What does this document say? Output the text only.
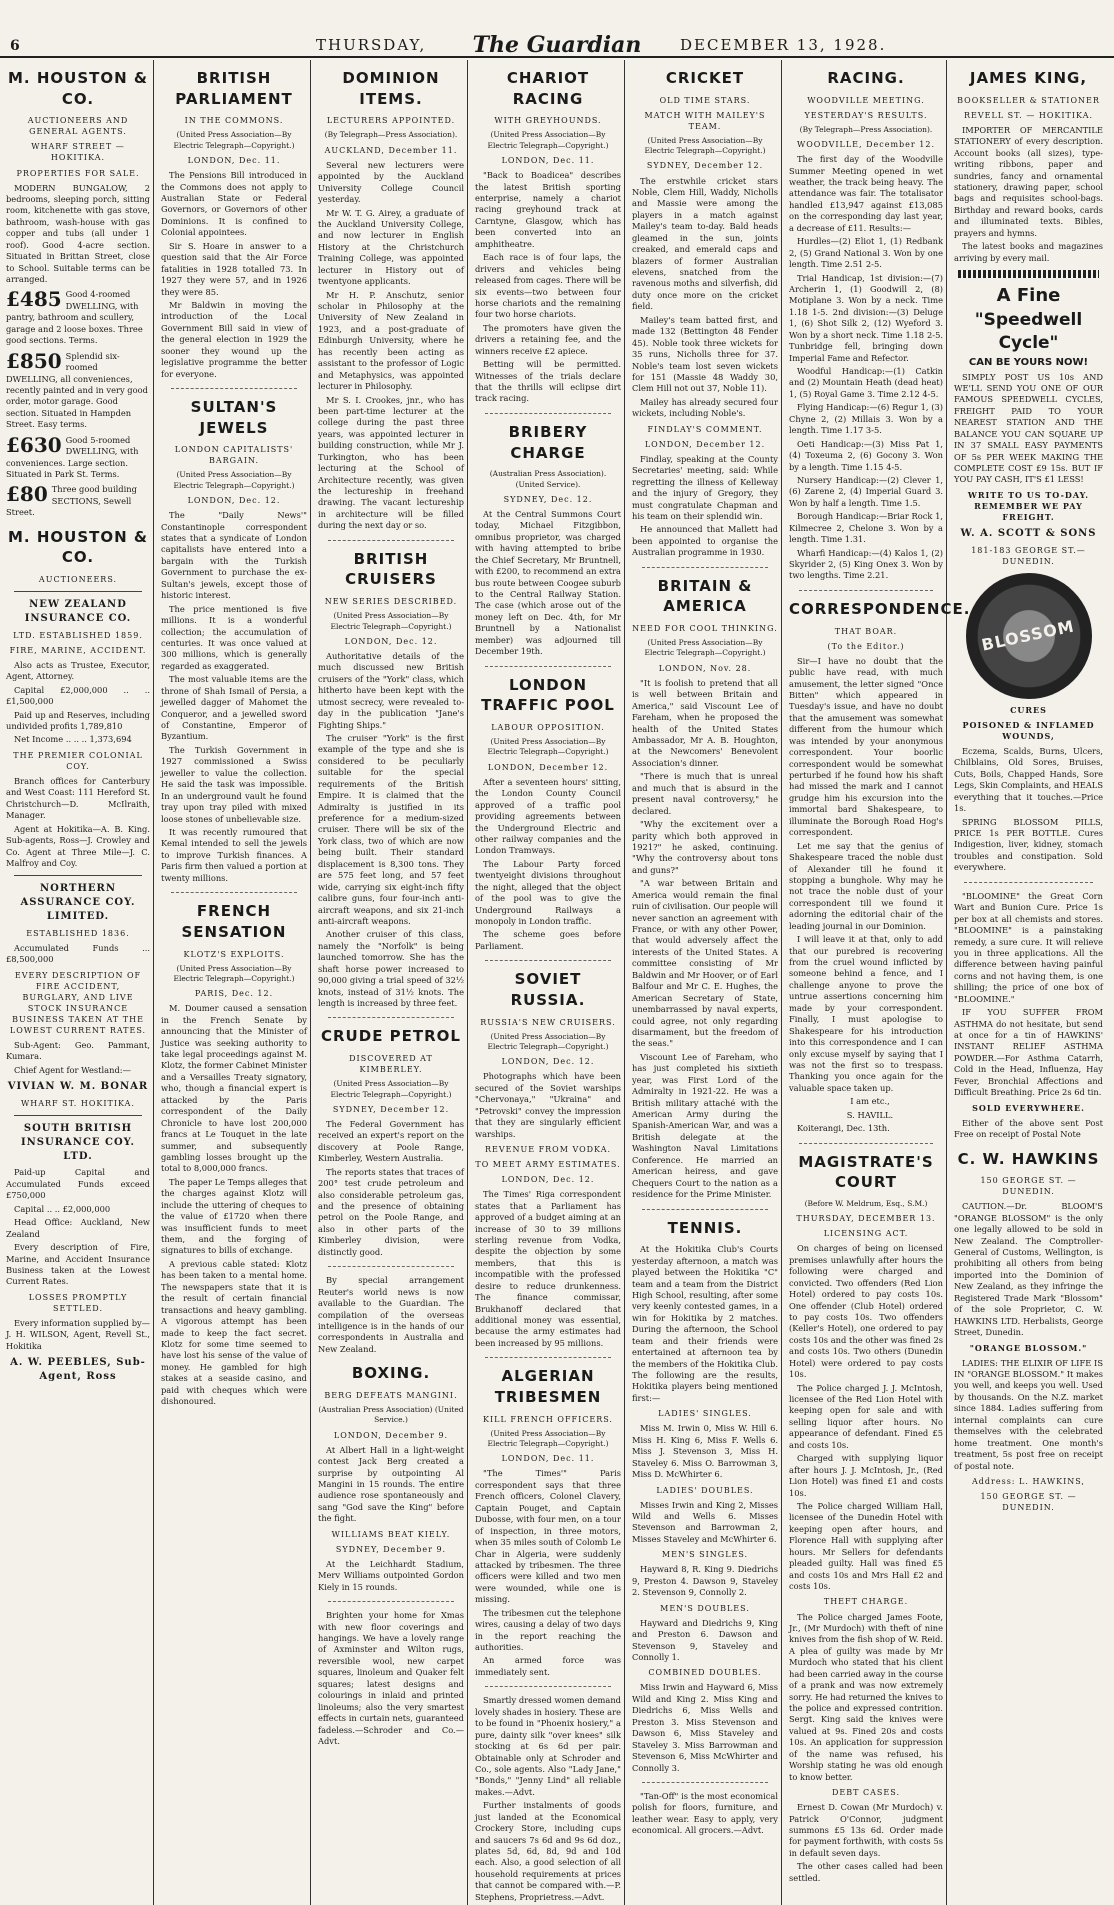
6	THURSDAY,	The Guardian	DECEMBER 13, 1928.
M. HOUSTON & CO.
AUCTIONEERS AND GENERAL AGENTS.
WHARF STREET — HOKITIKA.
PROPERTIES FOR SALE.

MODERN BUNGALOW, 2 bedrooms, sleeping porch, sitting room, kitchenette with gas stove, bathroom, wash-house with gas copper and tubs (all under 1 roof). Good 4-acre section. Situated in Brittan Street, close to School. Suitable terms can be arranged.

£485 Good 4-roomed DWELLING, with pantry, bathroom and scullery, garage and 2 loose boxes. Three good sections. Terms.
£850 Splendid six-roomed DWELLING, all conveniences, recently painted and in very good order, motor garage. Good section. Situated in Hampden Street. Easy terms.
£630 Good 5-roomed DWELLING, with conveniences. Large section. Situated in Park St. Terms.
£80 Three good building SECTIONS, Sewell Street.
M. HOUSTON & CO.
AUCTIONEERS.
NEW ZEALAND INSURANCE CO.
LTD. ESTABLISHED 1859.
FIRE, MARINE, ACCIDENT.

Also acts as Trustee, Executor, Agent, Attorney.

Capital £2,000,000 .. .. £1,500,000

Paid up and Reserves, including undivided profits 1,789,810

Net Income .. .. .. 1,373,694

THE PREMIER COLONIAL COY.

Branch offices for Canterbury and West Coast: 111 Hereford St. Christchurch—D. McIlraith, Manager.

Agent at Hokitika—A. B. King. Sub-agents, Ross—J. Crowley and Co. Agent at Three Mile—J. C. Malfroy and Coy.

NORTHERN ASSURANCE COY. LIMITED.
ESTABLISHED 1836.

Accumulated Funds ... £8,500,000

EVERY DESCRIPTION OF FIRE ACCIDENT, BURGLARY, AND LIVE STOCK INSURANCE BUSINESS TAKEN AT THE LOWEST CURRENT RATES.

Sub-Agent: Geo. Pammant, Kumara.

Chief Agent for Westland:—

VIVIAN W. M. BONAR
WHARF ST. HOKITIKA.
SOUTH BRITISH INSURANCE COY. LTD.

Paid-up Capital and Accumulated Funds exceed £750,000

Capital .. .. £2,000,000

Head Office: Auckland, New Zealand

Every description of Fire, Marine, and Accident Insurance Business taken at the Lowest Current Rates.

LOSSES PROMPTLY SETTLED.

Every information supplied by— J. H. WILSON, Agent, Revell St., Hokitika

A. W. PEEBLES, Sub-Agent, Ross
BRITISH PARLIAMENT
IN THE COMMONS.
(United Press Association—By Electric Telegraph—Copyright.)
LONDON, Dec. 11.

The Pensions Bill introduced in the Commons does not apply to Australian State or Federal Governors, or Governors of other Dominions. It is confined to Colonial appointees.

Sir S. Hoare in answer to a question said that the Air Force fatalities in 1928 totalled 73. In 1927 they were 57, and in 1926 they were 85.

Mr Baldwin in moving the introduction of the Local Government Bill said in view of the general election in 1929 the sooner they wound up the legislative programme the better for everyone.

SULTAN'S JEWELS
LONDON CAPITALISTS' BARGAIN.
(United Press Association—By Electric Telegraph—Copyright.)
LONDON, Dec. 12.

The "Daily News'" Constantinople correspondent states that a syndicate of London capitalists have entered into a bargain with the Turkish Government to purchase the ex-Sultan's jewels, except those of historic interest.

The price mentioned is five millions. It is a wonderful collection; the accumulation of centuries. It was once valued at 300 millions, which is generally regarded as exaggerated.

The most valuable items are the throne of Shah Ismail of Persia, a jewelled dagger of Mahomet the Conqueror, and a jewelled sword of Constantine, Emperor of Byzantium.

The Turkish Government in 1927 commissioned a Swiss jeweller to value the collection. He said the task was impossible. In an underground vault he found tray upon tray piled with mixed loose stones of unbelievable size.

It was recently rumoured that Kemal intended to sell the jewels to improve Turkish finances. A Paris firm then valued a portion at twenty millions.

FRENCH SENSATION
KLOTZ'S EXPLOITS.
(United Press Association—By Electric Telegraph—Copyright.)
PARIS, Dec. 12.

M. Doumer caused a sensation in the French Senate by announcing that the Minister of Justice was seeking authority to take legal proceedings against M. Klotz, the former Cabinet Minister and a Versailles Treaty signatory, who, though a financial expert is attacked by the Paris correspondent of the Daily Chronicle to have lost 200,000 francs at Le Touquet in the late summer, and subsequently gambling losses brought up the total to 8,000,000 francs.

The paper Le Temps alleges that the charges against Klotz will include the uttering of cheques to the value of £1720 when there was insufficient funds to meet them, and the forging of signatures to bills of exchange.

A previous cable stated: Klotz has been taken to a mental home. The newspapers state that it is the result of certain financial transactions and heavy gambling. A vigorous attempt has been made to keep the fact secret. Klotz for some time seemed to have lost his sense of the value of money. He gambled for high stakes at a seaside casino, and paid with cheques which were dishonoured.

DOMINION ITEMS.
LECTURERS APPOINTED.
(By Telegraph—Press Association).
AUCKLAND, December 11.

Several new lecturers were appointed by the Auckland University College Council yesterday.

Mr W. T. G. Airey, a graduate of the Auckland University College, and now lecturer in English History at the Christchurch Training College, was appointed lecturer in History out of twentyone applicants.

Mr H. P. Anschutz, senior scholar in Philosophy at the University of New Zealand in 1923, and a post-graduate of Edinburgh University, where he has recently been acting as assistant to the professor of Logic and Metaphysics, was appointed lecturer in Philosophy.

Mr S. I. Crookes, jnr., who has been part-time lecturer at the college during the past three years, was appointed lecturer in building construction, while Mr J. Turkington, who has been lecturing at the School of Architecture recently, was given the lectureship in freehand drawing. The vacant lectureship in architecture will be filled during the next day or so.

BRITISH CRUISERS
NEW SERIES DESCRIBED.
(United Press Association—By Electric Telegraph—Copyright.)
LONDON, Dec. 12.

Authoritative details of the much discussed new British cruisers of the "York" class, which hitherto have been kept with the utmost secrecy, were revealed to-day in the publication "Jane's Fighting Ships."

The cruiser "York" is the first example of the type and she is considered to be peculiarly suitable for the special requirements of the British Empire. It is claimed that the Admiralty is justified in its preference for a medium-sized cruiser. There will be six of the York class, two of which are now being built. Their standard displacement is 8,300 tons. They are 575 feet long, and 57 feet wide, carrying six eight-inch fifty calibre guns, four four-inch anti-aircraft weapons, and six 21-inch anti-aircraft weapons.

Another cruiser of this class, namely the "Norfolk" is being launched tomorrow. She has the shaft horse power increased to 90,000 giving a trial speed of 32½ knots, instead of 31½ knots. The length is increased by three feet.

CRUDE PETROL
DISCOVERED AT KIMBERLEY.
(United Press Association—By Electric Telegraph—Copyright.)
SYDNEY, December 12.

The Federal Government has received an expert's report on the discovery at Poole Range, Kimberley, Western Australia.

The reports states that traces of 200° test crude petroleum and also considerable petroleum gas, and the presence of obtaining petrol on the Poole Range, and also in other parts of the Kimberley division, were distinctly good.

By special arrangement Reuter's world news is now available to the Guardian. The compilation of the overseas intelligence is in the hands of our correspondents in Australia and New Zealand.

BOXING.
BERG DEFEATS MANGINI.
(Australian Press Association) (United Service.)
LONDON, December 9.

At Albert Hall in a light-weight contest Jack Berg created a surprise by outpointing Al Mangini in 15 rounds. The entire audience rose spontaneously and sang "God save the King" before the fight.

WILLIAMS BEAT KIELY.
SYDNEY, December 9.

At the Leichhardt Stadium, Merv Williams outpointed Gordon Kiely in 15 rounds.

Brighten your home for Xmas with new floor coverings and hangings. We have a lovely range of Axminster and Wilton rugs, reversible wool, new carpet squares, linoleum and Quaker felt squares; latest designs and colourings in inlaid and printed linoleums; also the very smartest effects in curtain nets, guaranteed fadeless.—Schroder and Co.—Advt.

CHARIOT RACING
WITH GREYHOUNDS.
(United Press Association—By Electric Telegraph—Copyright.)
LONDON, Dec. 11.

"Back to Boadicea" describes the latest British sporting enterprise, namely a chariot racing greyhound track at Carntyne, Glasgow, which has been converted into an amphitheatre.

Each race is of four laps, the drivers and vehicles being released from cages. There will be six events—two between four horse chariots and the remaining four two horse chariots.

The promoters have given the drivers a retaining fee, and the winners receive £2 apiece.

Betting will be permitted. Witnesses of the trials declare that the thrills will eclipse dirt track racing.

BRIBERY CHARGE
(Australian Press Association). (United Service).
SYDNEY, Dec. 12.

At the Central Summons Court today, Michael Fitzgibbon, omnibus proprietor, was charged with having attempted to bribe the Chief Secretary, Mr Bruntnell, with £200, to recommend an extra bus route between Coogee suburb to the Central Railway Station. The case (which arose out of the money left on Dec. 4th, for Mr Bruntnell by a Nationalist member) was adjourned till December 19th.

LONDON TRAFFIC POOL
LABOUR OPPOSITION.
(United Press Association—By Electric Telegraph—Copyright.)
LONDON, December 12.

After a seventeen hours' sitting, the London County Council approved of a traffic pool providing agreements between the Underground Electric and other railway companies and the London Tramways.

The Labour Party forced twentyeight divisions throughout the night, alleged that the object of the pool was to give the Underground Railways a monopoly in London traffic.

The scheme goes before Parliament.

SOVIET RUSSIA.
RUSSIA'S NEW CRUISERS.
(United Press Association—By Electric Telegraph—Copyright.)
LONDON, Dec. 12.

Photographs which have been secured of the Soviet warships "Chervonaya," "Ukraina" and "Petrovski" convey the impression that they are singularly efficient warships.

REVENUE FROM VODKA.
TO MEET ARMY ESTIMATES.
LONDON, Dec. 12.

The Times' Riga correspondent states that a Parliament has approved of a budget aiming at an increase of 30 to 39 millions sterling revenue from Vodka, despite the objection by some members, that this is incompatible with the professed desire to reduce drunkenness. The finance commissar, Brukhanoff declared that additional money was essential, because the army estimates had been increased by 95 millions.

ALGERIAN TRIBESMEN
KILL FRENCH OFFICERS.
(United Press Association—By Electric Telegraph—Copyright.)
LONDON, Dec. 11.

"The Times'" Paris correspondent says that three French officers, Colonel Clavery, Captain Pouget, and Captain Dubosse, with four men, on a tour of inspection, in three motors, when 35 miles south of Colomb Le Char in Algeria, were suddenly attacked by tribesmen. The three officers were killed and two men were wounded, while one is missing.

The tribesmen cut the telephone wires, causing a delay of two days in the report reaching the authorities.

An armed force was immediately sent.

Smartly dressed women demand lovely shades in hosiery. These are to be found in "Phoenix hosiery," a pure, dainty silk "over knees" silk stocking at 6s 6d per pair. Obtainable only at Schroder and Co., sole agents. Also "Lady Jane," "Bonds," "Jenny Lind" all reliable makes.—Advt.

Further instalments of goods just landed at the Economical Crockery Store, including cups and saucers 7s 6d and 9s 6d doz., plates 5d, 6d, 8d, 9d and 10d each. Also, a good selection of all household requirements at prices that cannot be compared with.—P. Stephens, Proprietress.—Advt.

CRICKET
OLD TIME STARS.
MATCH WITH MAILEY'S TEAM.
(United Press Association—By Electric Telegraph—Copyright.)
SYDNEY, December 12.

The erstwhile cricket stars Noble, Clem Hill, Waddy, Nicholls and Massie were among the players in a match against Mailey's team to-day. Bald heads gleamed in the sun, joints creaked, and emerald caps and blazers of former Australian elevens, snatched from the ravenous moths and silverfish, did duty once more on the cricket field.

Mailey's team batted first, and made 132 (Bettington 48 Fender 45). Noble took three wickets for 35 runs, Nicholls three for 37. Noble's team lost seven wickets for 151 (Massie 48 Waddy 30, Clem Hill not out 37, Noble 11).

Mailey has already secured four wickets, including Noble's.

FINDLAY'S COMMENT.
LONDON, December 12.

Findlay, speaking at the County Secretaries' meeting, said: While regretting the illness of Kelleway and the injury of Gregory, they must congratulate Chapman and his team on their splendid win.

He announced that Mallett had been appointed to organise the Australian programme in 1930.

BRITAIN & AMERICA
NEED FOR COOL THINKING.
(United Press Association—By Electric Telegraph—Copyright.)
LONDON, Nov. 28.

"It is foolish to pretend that all is well between Britain and America," said Viscount Lee of Fareham, when he proposed the health of the United States Ambassador, Mr A. B. Houghton, at the Newcomers' Benevolent Association's dinner.

"There is much that is unreal and much that is absurd in the present naval controversy," he declared.

"Why the excitement over a parity which both approved in 1921?" he asked, continuing. "Why the controversy about tons and guns?"

"A war between Britain and America would remain the final ruin of civilisation. Our people will never sanction an agreement with France, or with any other Power, that would adversely affect the interests of the United States. A committee consisting of Mr Baldwin and Mr Hoover, or of Earl Balfour and Mr C. E. Hughes, the American Secretary of State, unembarrassed by naval experts, could agree, not only regarding disarmament, but the freedom of the seas."

Viscount Lee of Fareham, who has just completed his sixtieth year, was First Lord of the Admiralty in 1921-22. He was a British military attaché with the American Army during the Spanish-American War, and was a British delegate at the Washington Naval Limitations Conference. He married an American heiress, and gave Chequers Court to the nation as a residence for the Prime Minister.

TENNIS.

At the Hokitika Club's Courts yesterday afternoon, a match was played between the Hokitika "C" team and a team from the District High School, resulting, after some very keenly contested games, in a win for Hokitika by 2 matches. During the afternoon, the School team and their friends were entertained at afternoon tea by the members of the Hokitika Club. The following are the results, Hokitika players being mentioned first:—

LADIES' SINGLES.

Miss M. Irwin 0, Miss W. Hill 6. Miss H. King 6, Miss F. Wells 6. Miss J. Stevenson 3, Miss H. Staveley 6. Miss O. Barrowman 3, Miss D. McWhirter 6.

LADIES' DOUBLES.

Misses Irwin and King 2, Misses Wild and Wells 6. Misses Stevenson and Barrowman 2, Misses Staveley and McWhirter 6.

MEN'S SINGLES.

Hayward 8, R. King 9. Diedrichs 9, Preston 4. Dawson 9, Staveley 2. Stevenson 9, Connolly 2.

MEN'S DOUBLES.

Hayward and Diedrichs 9, King and Preston 6. Dawson and Stevenson 9, Staveley and Connolly 1.

COMBINED DOUBLES.

Miss Irwin and Hayward 6, Miss Wild and King 2. Miss King and Diedrichs 6, Miss Wells and Preston 3. Miss Stevenson and Dawson 6, Miss Staveley and Staveley 3. Miss Barrowman and Stevenson 6, Miss McWhirter and Connolly 3.

"Tan-Off" is the most economical polish for floors, furniture, and leather wear. Easy to apply, very economical. All grocers.—Advt.

RACING.
WOODVILLE MEETING.
YESTERDAY'S RESULTS.
(By Telegraph—Press Association).
WOODVILLE, December 12.

The first day of the Woodville Summer Meeting opened in wet weather, the track being heavy. The attendance was fair. The totalisator handled £13,947 against £13,085 on the corresponding day last year, a decrease of £11. Results:—

Hurdles—(2) Eliot 1, (1) Redbank 2, (5) Grand National 3. Won by one length. Time 2.51 2-5.

Trial Handicap, 1st division:—(7) Archerin 1, (1) Goodwill 2, (8) Motiplane 3. Won by a neck. Time 1.18 1-5. 2nd division:—(3) Deluge 1, (6) Shot Silk 2, (12) Wyeford 3. Won by a short neck. Time 1.18 2-5. Tunbridge fell, bringing down Imperial Fame and Refector.

Woodful Handicap:—(1) Catkin and (2) Mountain Heath (dead heat) 1, (5) Royal Game 3. Time 2.12 4-5.

Flying Handicap:—(6) Regur 1, (3) Chyne 2, (2) Millais 3. Won by a length. Time 1.17 3-5.

Oeti Handicap:—(3) Miss Pat 1, (4) Toxeuma 2, (6) Gocony 3. Won by a length. Time 1.15 4-5.

Nursery Handicap:—(2) Clever 1, (6) Zarene 2, (4) Imperial Guard 3. Won by half a length. Time 1.5.

Borough Handicap:—Briar Rock 1, Kilmecree 2, Chelone 3. Won by a length. Time 1.31.

Wharfi Handicap:—(4) Kalos 1, (2) Skyrider 2, (5) King Onex 3. Won by two lengths. Time 2.21.

CORRESPONDENCE.
THAT BOAR.
(To the Editor.)

Sir—I have no doubt that the public have read, with much amusement, the letter signed "Once Bitten" which appeared in Tuesday's issue, and have no doubt that the amusement was somewhat different from the humour which was intended by your anonymous correspondent. Your boorlic correspondent would be somewhat perturbed if he found how his shaft had missed the mark and I cannot grudge him his excursion into the immortal bard Shakespeare, to illuminate the Borough Road Hog's correspondent.

Let me say that the genius of Shakespeare traced the noble dust of Alexander till he found it stopping a bunghole. Why may he not trace the noble dust of your correspondent till we found it adorning the editorial chair of the leading journal in our Dominion.

I will leave it at that, only to add that our purebred is recovering from the cruel wound inflicted by someone behind a fence, and I challenge anyone to prove the untrue assertions concerning him made by your correspondent. Finally, I must apologise to Shakespeare for his introduction into this correspondence and I can only excuse myself by saying that I was not the first so to trespass. Thanking you once again for the valuable space taken up.

I am etc.,

S. HAVILL.

Koiterangi, Dec. 13th.

MAGISTRATE'S COURT
(Before W. Meldrum, Esq., S.M.)
THURSDAY, DECEMBER 13.
LICENSING ACT.

On charges of being on licensed premises unlawfully after hours the following were charged and convicted. Two offenders (Red Lion Hotel) ordered to pay costs 10s. One offender (Club Hotel) ordered to pay costs 10s. Two offenders (Keller's Hotel), one ordered to pay costs 10s and the other was fined 2s and costs 10s. Two others (Dunedin Hotel) were ordered to pay costs 10s.

The Police charged J. J. McIntosh, licensee of the Red Lion Hotel with keeping open for sale and with selling liquor after hours. No appearance of defendant. Fined £5 and costs 10s.

Charged with supplying liquor after hours J. J. McIntosh, Jr., (Red Lion Hotel) was fined £1 and costs 10s.

The Police charged William Hall, licensee of the Dunedin Hotel with keeping open after hours, and Florence Hall with supplying after hours. Mr Sellers for defendants pleaded guilty. Hall was fined £5 and costs 10s and Mrs Hall £2 and costs 10s.

THEFT CHARGE.

The Police charged James Foote, Jr., (Mr Murdoch) with theft of nine knives from the fish shop of W. Reid. A plea of guilty was made by Mr Murdoch who stated that his client had been carried away in the course of a prank and was now extremely sorry. He had returned the knives to the police and expressed contrition. Sergt. King said the knives were valued at 9s. Fined 20s and costs 10s. An application for suppression of the name was refused, his Worship stating he was old enough to know better.

DEBT CASES.

Ernest D. Cowan (Mr Murdoch) v. Patrick O'Connor, judgment summons £5 13s 6d. Order made for payment forthwith, with costs 5s in default seven days.

The other cases called had been settled.

JAMES KING,
BOOKSELLER & STATIONER
REVELL ST. — HOKITIKA.

IMPORTER OF MERCANTILE STATIONERY of every description. Account books (all sizes), type-writing ribbons, paper and sundries, fancy and ornamental stationery, drawing paper, school bags and requisites school-bags. Birthday and reward books, cards and illuminated texts. Bibles, prayers and hymns.

The latest books and magazines arriving by every mail.

A Fine
"Speedwell
Cycle"
CAN BE YOURS NOW!

SIMPLY POST US 10s AND WE'LL SEND YOU ONE OF OUR FAMOUS SPEEDWELL CYCLES, FREIGHT PAID TO YOUR NEAREST STATION AND THE BALANCE YOU CAN SQUARE UP IN 37 SMALL EASY PAYMENTS OF 5s PER WEEK MAKING THE COMPLETE COST £9 15s. BUT IF YOU PAY CASH, IT'S £1 LESS!

WRITE TO US TO-DAY. REMEMBER WE PAY FREIGHT.
W. A. SCOTT & SONS
181-183 GEORGE ST.—DUNEDIN.
BLOSSOM
CURES
POISONED & INFLAMED WOUNDS,

Eczema, Scalds, Burns, Ulcers, Chilblains, Old Sores, Bruises, Cuts, Boils, Chapped Hands, Sore Legs, Skin Complaints, and HEALS everything that it touches.—Price 1s.

SPRING BLOSSOM PILLS, PRICE 1s PER BOTTLE. Cures Indigestion, liver, kidney, stomach troubles and constipation. Sold everywhere.

"BLOOMINE" the Great Corn Wart and Bunion Cure. Price 1s per box at all chemists and stores. "BLOOMINE" is a painstaking remedy, a sure cure. It will relieve you in three applications. All the difference between having painful corns and not having them, is one shilling; the price of one box of "BLOOMINE."

IF YOU SUFFER FROM ASTHMA do not hesitate, but send at once for a tin of HAWKINS' INSTANT RELIEF ASTHMA POWDER.—For Asthma Catarrh, Cold in the Head, Influenza, Hay Fever, Bronchial Affections and Difficult Breathing. Price 2s 6d tin.

SOLD EVERYWHERE.

Either of the above sent Post Free on receipt of Postal Note

C. W. HAWKINS
150 GEORGE ST. — DUNEDIN.

CAUTION.—Dr. BLOOM'S "ORANGE BLOSSOM" is the only one legally allowed to be sold in New Zealand. The Comptroller-General of Customs, Wellington, is prohibiting all others from being imported into the Dominion of New Zealand, as they infringe the Registered Trade Mark "Blossom" of the sole Proprietor, C. W. HAWKINS LTD. Herbalists, George Street, Dunedin.

"ORANGE BLOSSOM."

LADIES: THE ELIXIR OF LIFE IS IN "ORANGE BLOSSOM." It makes you well, and keeps you well. Used by thousands. On the N.Z. market since 1884. Ladies suffering from internal complaints can cure themselves with the celebrated home treatment. One month's treatment, 5s post free on receipt of postal note.

Address: L. HAWKINS,
150 GEORGE ST. — DUNEDIN.
